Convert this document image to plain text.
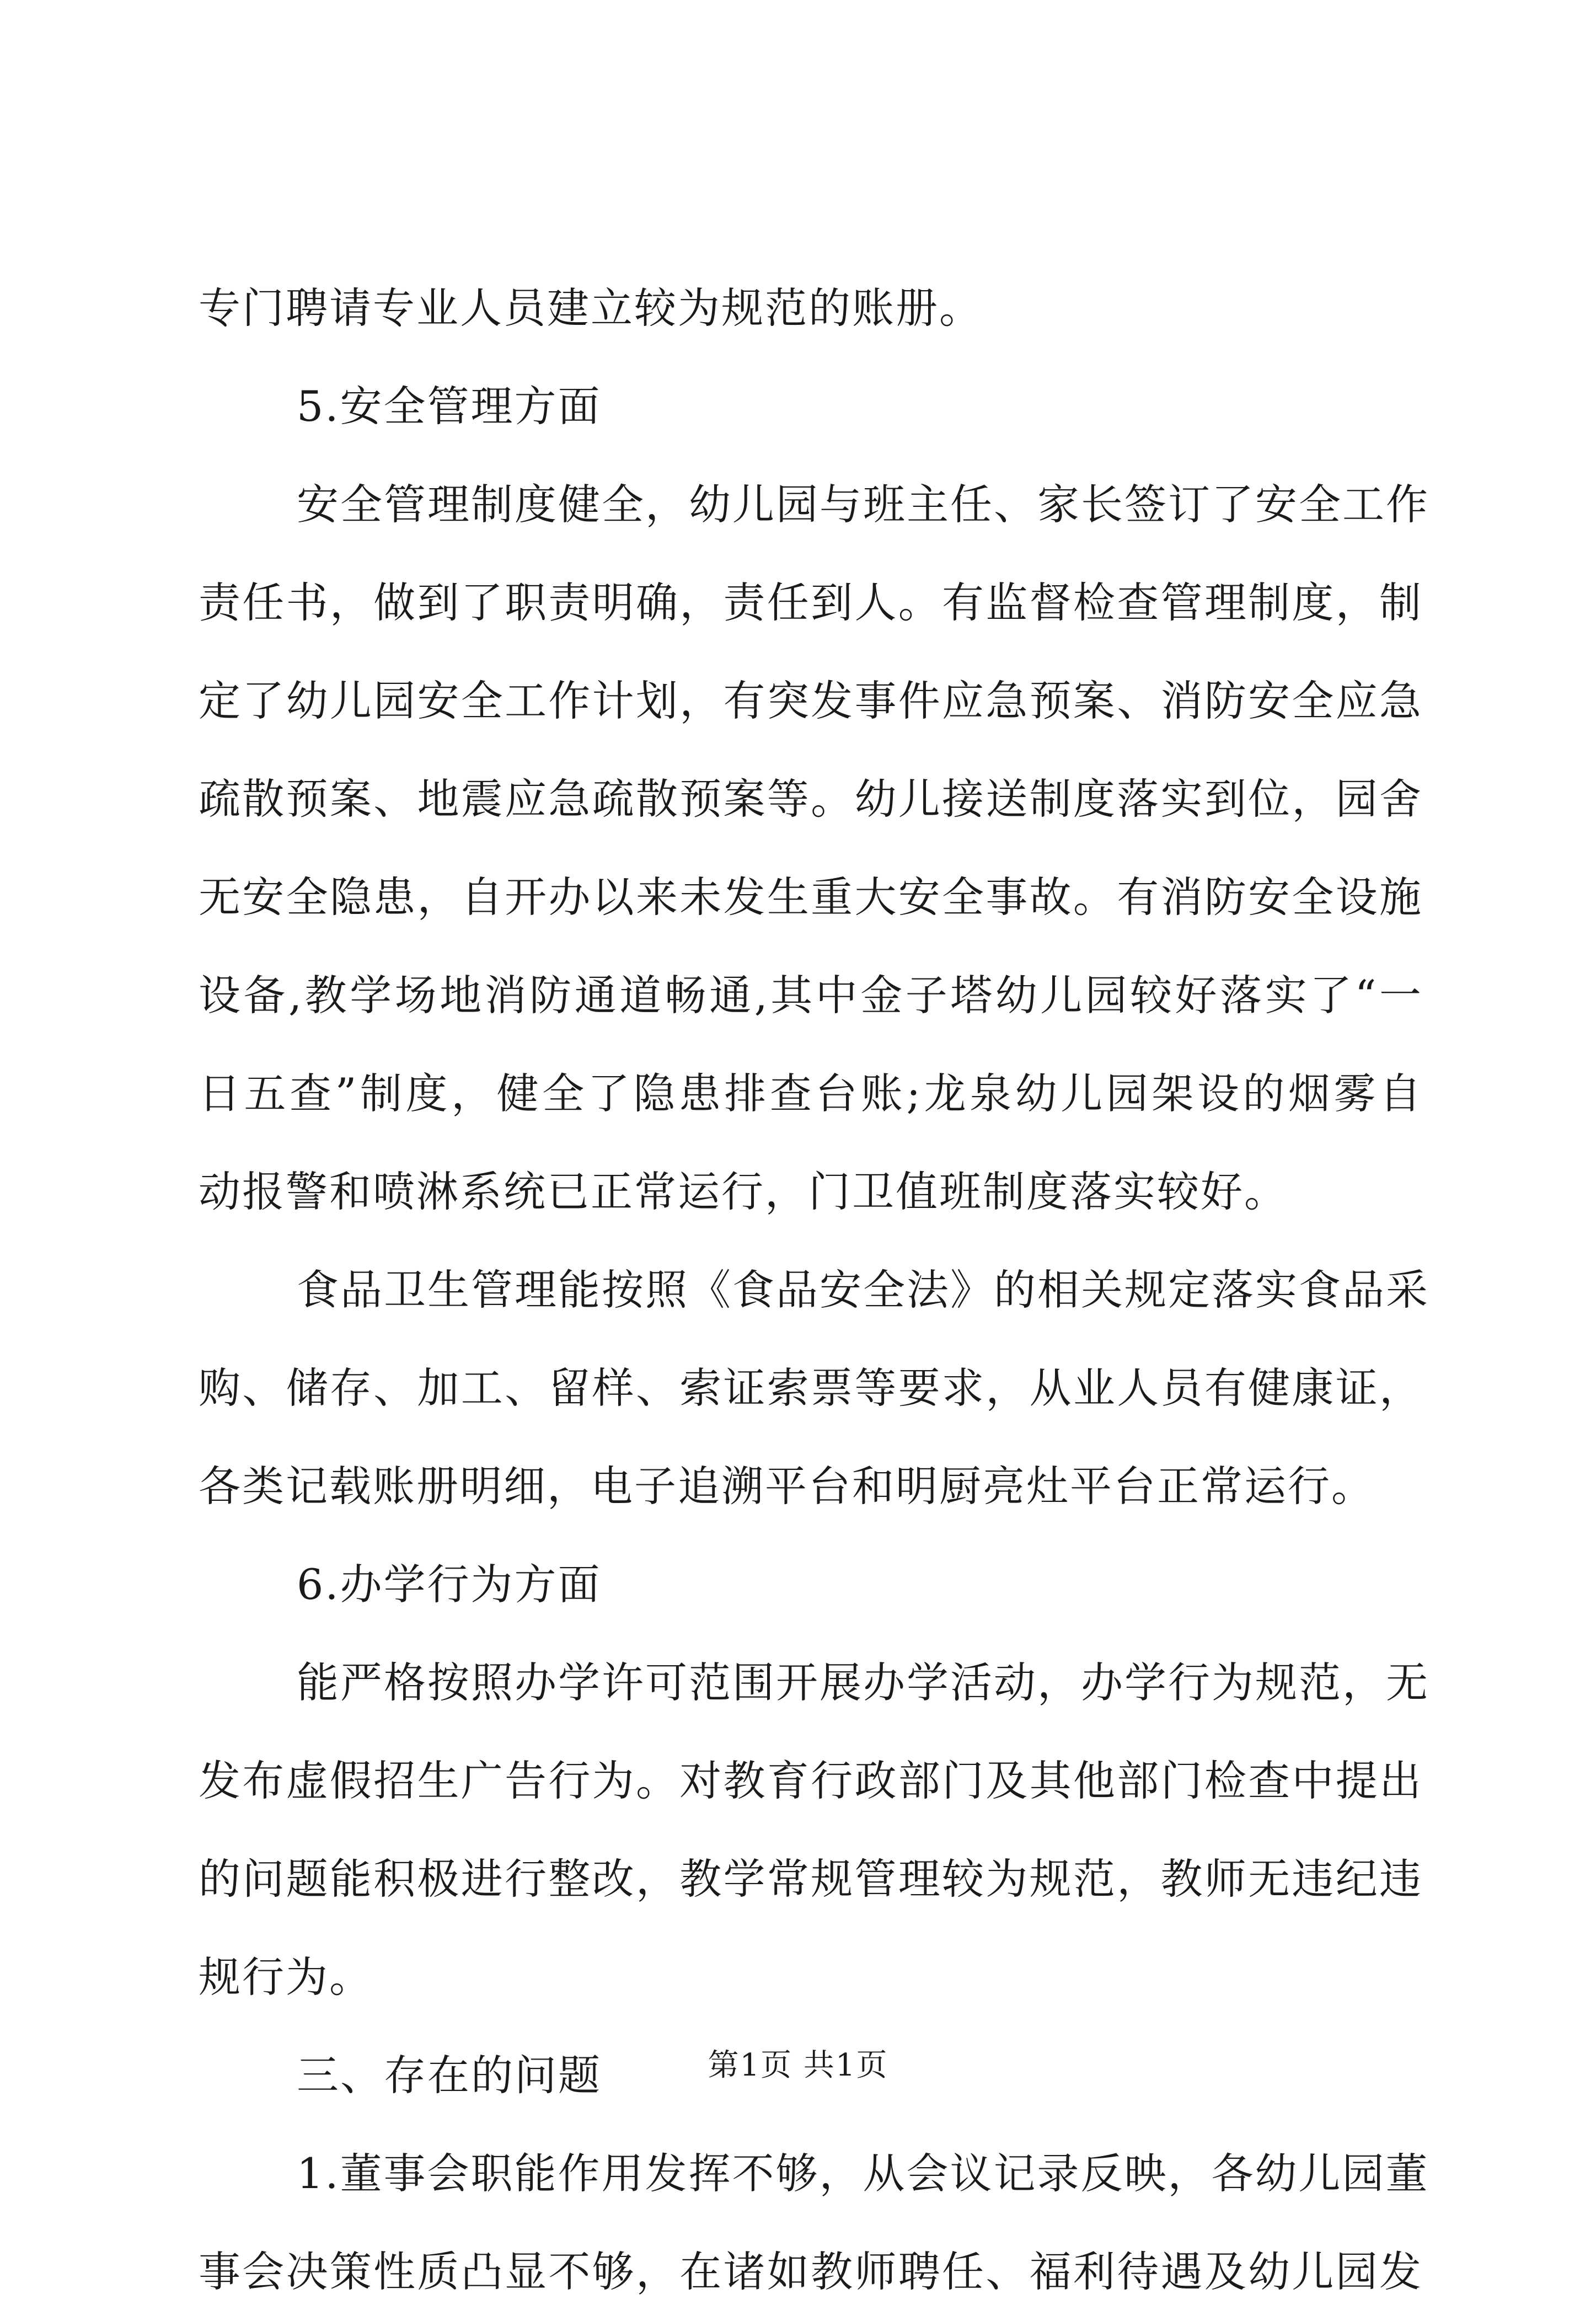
专门聘请专业人员建立较为规范的账册。
5.安全管理方面
安全管理制度健全，幼儿园与班主任、家长签订了安全工作
责任书，做到了职责明确，责任到人。有监督检查管理制度，制
定了幼儿园安全工作计划，有突发事件应急预案、消防安全应急
疏散预案、地震应急疏散预案等。幼儿接送制度落实到位，园舍
无安全隐患，自开办以来未发生重大安全事故。有消防安全设施
设备,教学场地消防通道畅通,其中金子塔幼儿园较好落实了“一
日五查”制度，健全了隐患排查台账;龙泉幼儿园架设的烟雾自
动报警和喷淋系统已正常运行，门卫值班制度落实较好。
食品卫生管理能按照《食品安全法》的相关规定落实食品采
购、储存、加工、留样、索证索票等要求，从业人员有健康证，
各类记载账册明细，电子追溯平台和明厨亮灶平台正常运行。
6.办学行为方面
能严格按照办学许可范围开展办学活动，办学行为规范，无
发布虚假招生广告行为。对教育行政部门及其他部门检查中提出
的问题能积极进行整改，教学常规管理较为规范，教师无违纪违
规行为。
三、存在的问题
1.董事会职能作用发挥不够，从会议记录反映，各幼儿园董
事会决策性质凸显不够，在诸如教师聘任、福利待遇及幼儿园发
第1页 共1页
